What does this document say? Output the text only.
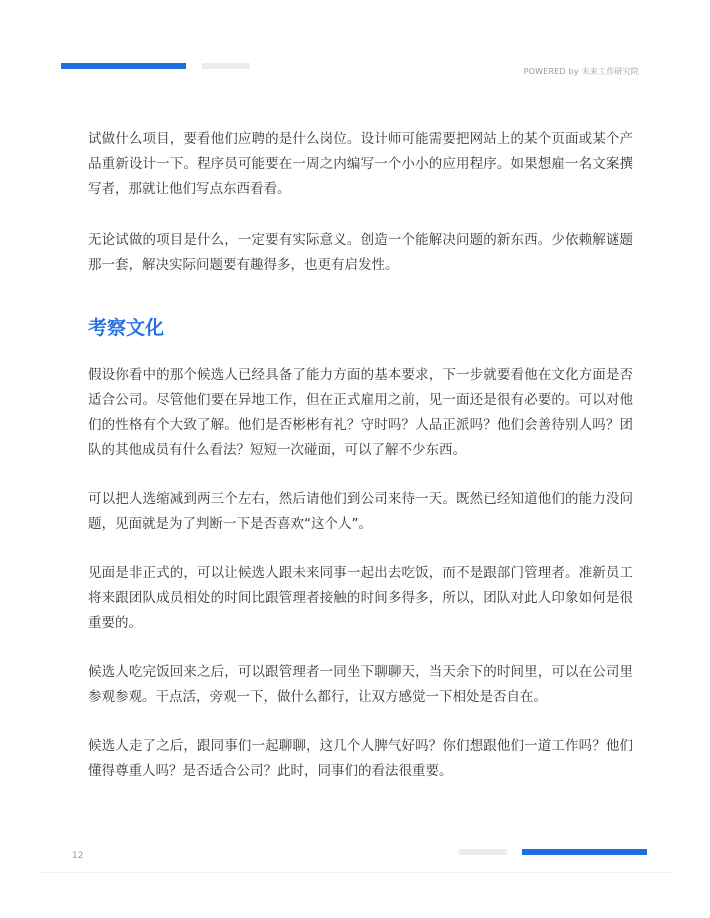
POWERED by 未来工作研究院

试做什么项目，要看他们应聘的是什么岗位。设计师可能需要把网站上的某个页面或某个产品重新设计一下。程序员可能要在一周之内编写一个小小的应用程序。如果想雇一名文案撰写者，那就让他们写点东西看看。

无论试做的项目是什么，一定要有实际意义。创造一个能解决问题的新东西。少依赖解谜题那一套，解决实际问题要有趣得多，也更有启发性。

考察文化

假设你看中的那个候选人已经具备了能力方面的基本要求，下一步就要看他在文化方面是否适合公司。尽管他们要在异地工作，但在正式雇用之前，见一面还是很有必要的。可以对他们的性格有个大致了解。他们是否彬彬有礼？守时吗？人品正派吗？他们会善待别人吗？团队的其他成员有什么看法？短短一次碰面，可以了解不少东西。

可以把人选缩减到两三个左右，然后请他们到公司来待一天。既然已经知道他们的能力没问题，见面就是为了判断一下是否喜欢“这个人”。

见面是非正式的，可以让候选人跟未来同事一起出去吃饭，而不是跟部门管理者。准新员工将来跟团队成员相处的时间比跟管理者接触的时间多得多，所以，团队对此人印象如何是很重要的。

候选人吃完饭回来之后，可以跟管理者一同坐下聊聊天，当天余下的时间里，可以在公司里参观参观。干点活，旁观一下，做什么都行，让双方感觉一下相处是否自在。

候选人走了之后，跟同事们一起聊聊，这几个人脾气好吗？你们想跟他们一道工作吗？他们懂得尊重人吗？是否适合公司？此时，同事们的看法很重要。

12
